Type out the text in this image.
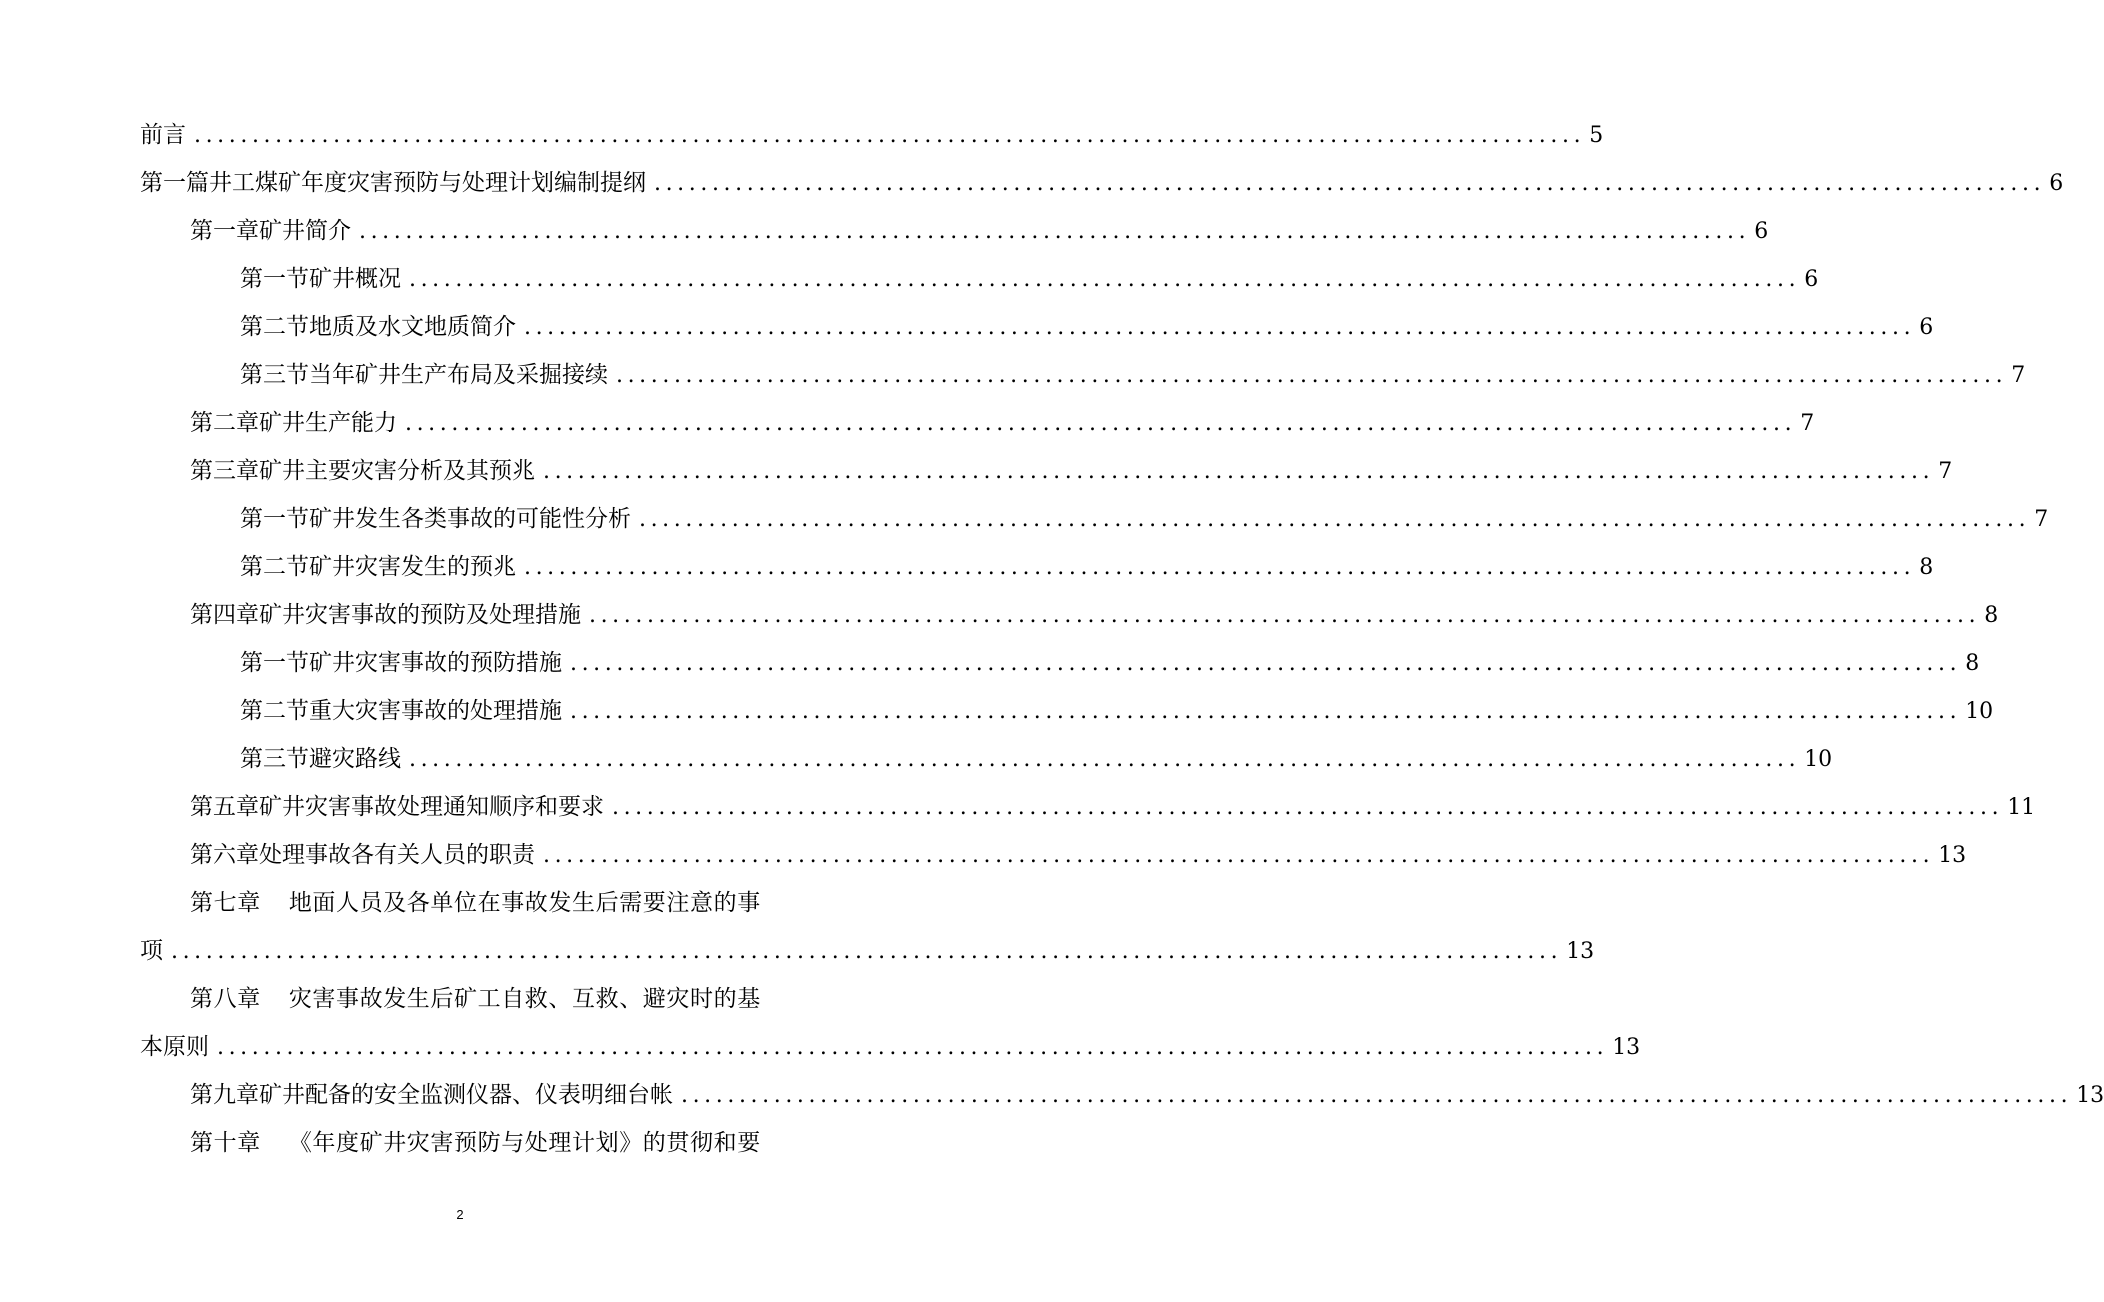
前 言 ........................................................................................................................ 5
第一篇 井工煤矿年度灾害预防与处理计划编制提纲 ........................................................................................................................ 6
第一章 矿井简介 ........................................................................................................................ 6
第一节 矿井概况 ........................................................................................................................ 6
第二节 地质及水文地质简介 ........................................................................................................................ 6
第三节 当年矿井生产布局及采掘接续 ........................................................................................................................ 7
第二章 矿井生产能力 ........................................................................................................................ 7
第三章 矿井主要灾害分析及其预兆 ........................................................................................................................ 7
第一节 矿井发生各类事故的可能性分析 ........................................................................................................................ 7
第二节 矿井灾害发生的预兆 ........................................................................................................................ 8
第四章 矿井灾害事故的预防及处理措施 ........................................................................................................................ 8
第一节 矿井灾害事故的预防措施 ........................................................................................................................ 8
第二节 重大灾害事故的处理措施 ........................................................................................................................ 10
第三节 避灾路线 ........................................................................................................................ 10
第五章 矿井灾害事故处理通知顺序和要求 ........................................................................................................................ 11
第六章 处理事故各有关人员的职责 ........................................................................................................................ 13
第七章 地面人员及各单位在事故发生后需要注意的事
项 ........................................................................................................................ 13
第八章 灾害事故发生后矿工自救、互救、避灾时的基
本原则 ........................................................................................................................ 13
第九章 矿井配备的安全监测仪器、仪表明细台帐 ........................................................................................................................ 13
第十章 《年度矿井灾害预防与处理计划》的贯彻和要
2
